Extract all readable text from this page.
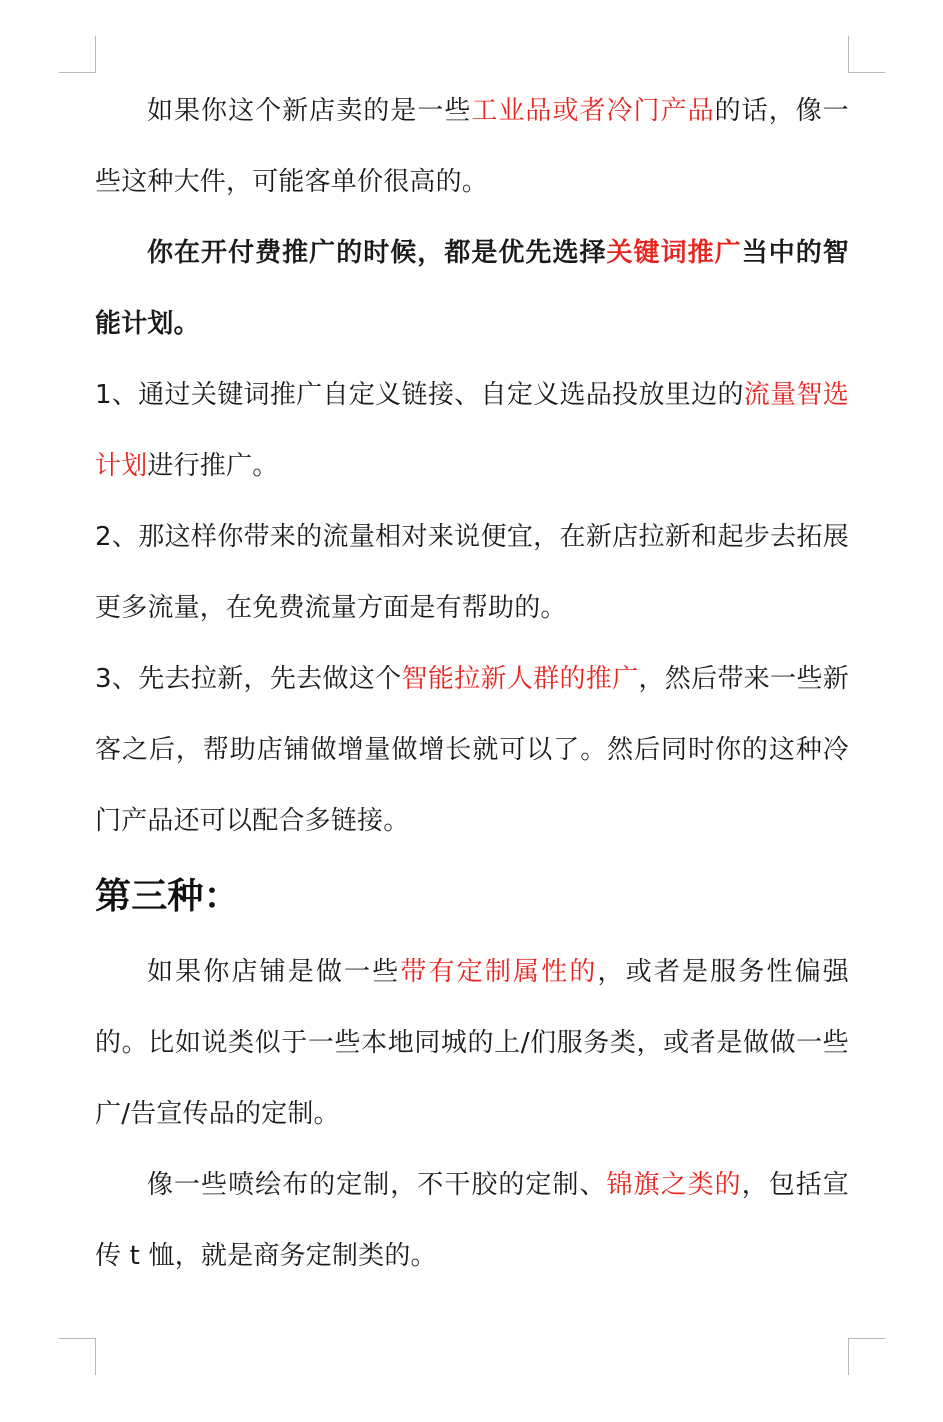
如果你这个新店卖的是一些工业品或者冷门产品的话，像一些这种大件，可能客单价很高的。

你在开付费推广的时候，都是优先选择关键词推广当中的智能计划。

1、通过关键词推广自定义链接、自定义选品投放里边的流量智选计划进行推广。

2、那这样你带来的流量相对来说便宜，在新店拉新和起步去拓展更多流量，在免费流量方面是有帮助的。

3、先去拉新，先去做这个智能拉新人群的推广，然后带来一些新客之后，帮助店铺做增量做增长就可以了。然后同时你的这种冷门产品还可以配合多链接。

第三种：

如果你店铺是做一些带有定制属性的，或者是服务性偏强的。比如说类似于一些本地同城的上/们服务类，或者是做做一些广/告宣传品的定制。

像一些喷绘布的定制，不干胶的定制、锦旗之类的，包括宣传 t 恤，就是商务定制类的。
